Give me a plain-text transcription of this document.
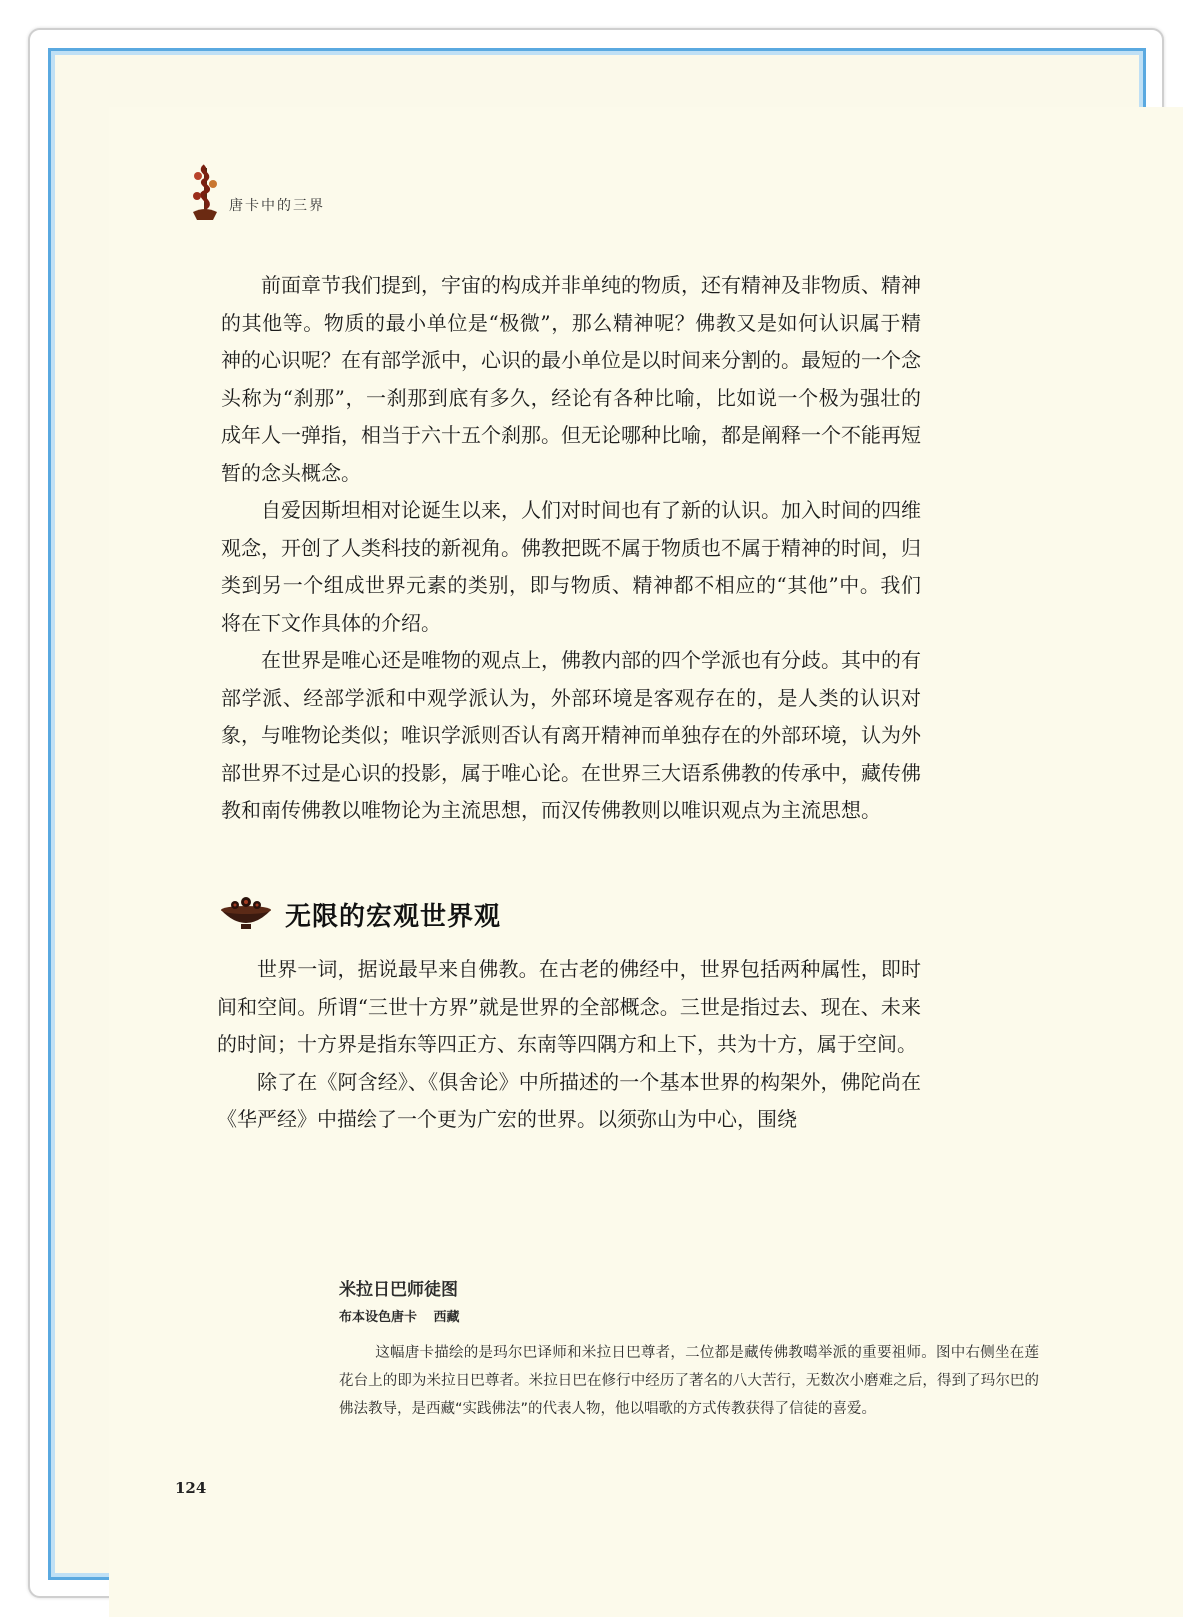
唐卡中的三界

前面章节我们提到，宇宙的构成并非单纯的物质，还有精神及非物质、精神的其他等。物质的最小单位是“极微”，那么精神呢？佛教又是如何认识属于精神的心识呢？在有部学派中，心识的最小单位是以时间来分割的。最短的一个念头称为“刹那”，一刹那到底有多久，经论有各种比喻，比如说一个极为强壮的成年人一弹指，相当于六十五个刹那。但无论哪种比喻，都是阐释一个不能再短暂的念头概念。

自爱因斯坦相对论诞生以来，人们对时间也有了新的认识。加入时间的四维观念，开创了人类科技的新视角。佛教把既不属于物质也不属于精神的时间，归类到另一个组成世界元素的类别，即与物质、精神都不相应的“其他”中。我们将在下文作具体的介绍。

在世界是唯心还是唯物的观点上，佛教内部的四个学派也有分歧。其中的有部学派、经部学派和中观学派认为，外部环境是客观存在的，是人类的认识对象，与唯物论类似；唯识学派则否认有离开精神而单独存在的外部环境，认为外部世界不过是心识的投影，属于唯心论。在世界三大语系佛教的传承中，藏传佛教和南传佛教以唯物论为主流思想，而汉传佛教则以唯识观点为主流思想。

无限的宏观世界观

世界一词，据说最早来自佛教。在古老的佛经中，世界包括两种属性，即时间和空间。所谓“三世十方界”就是世界的全部概念。三世是指过去、现在、未来的时间；十方界是指东等四正方、东南等四隅方和上下，共为十方，属于空间。

除了在《阿含经》、《俱舍论》中所描述的一个基本世界的构架外，佛陀尚在《华严经》中描绘了一个更为广宏的世界。以须弥山为中心，围绕

米拉日巴师徒图
布本设色唐卡 西藏

这幅唐卡描绘的是玛尔巴译师和米拉日巴尊者，二位都是藏传佛教噶举派的重要祖师。图中右侧坐在莲花台上的即为米拉日巴尊者。米拉日巴在修行中经历了著名的八大苦行，无数次小磨难之后，得到了玛尔巴的佛法教导，是西藏“实践佛法”的代表人物，他以唱歌的方式传教获得了信徒的喜爱。

124
